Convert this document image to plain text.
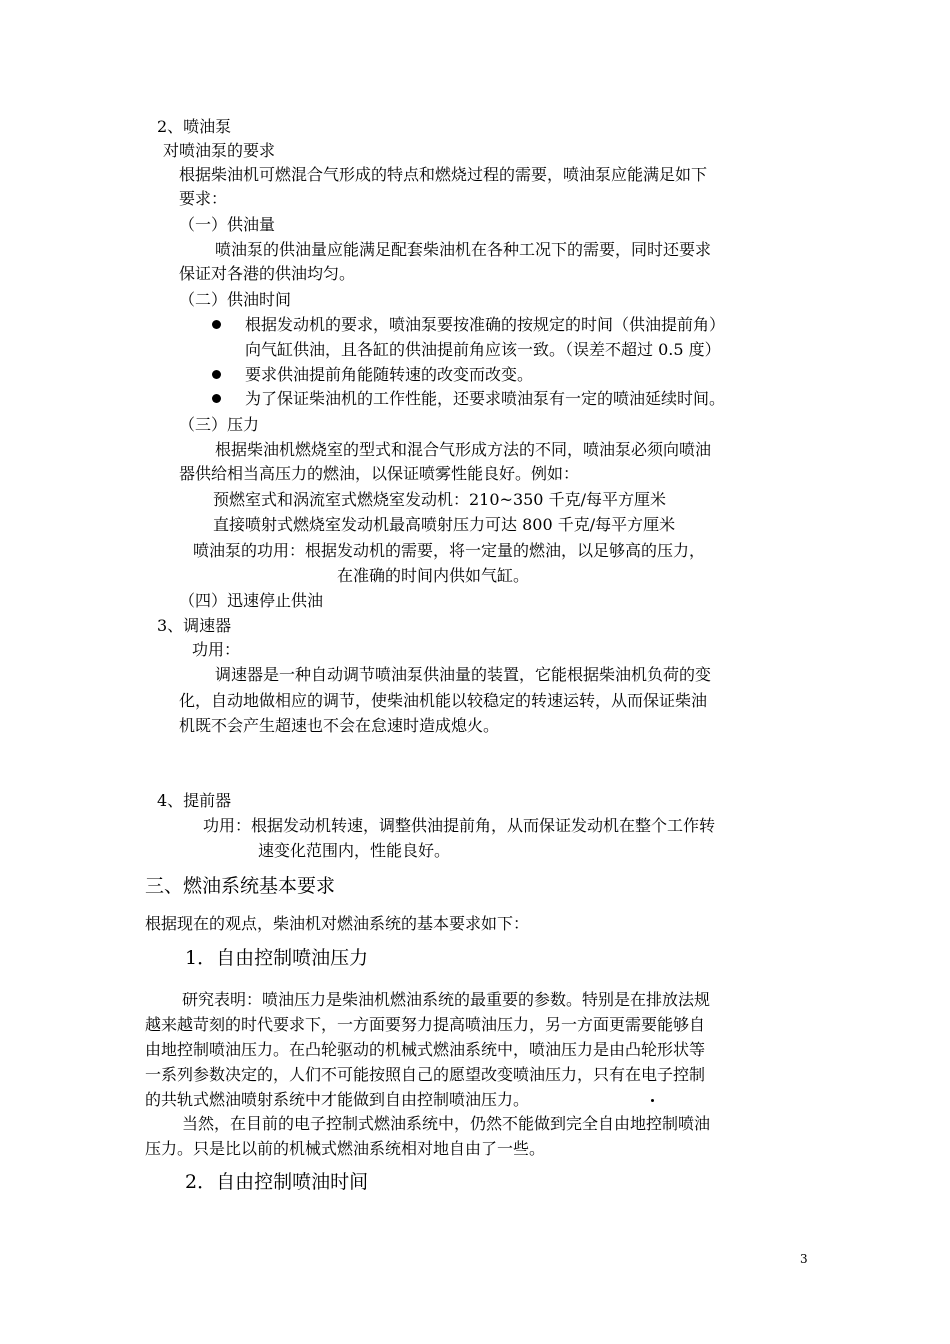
2、喷油泵
对喷油泵的要求
根据柴油机可燃混合气形成的特点和燃烧过程的需要，喷油泵应能满足如下
要求：
（一）供油量
喷油泵的供油量应能满足配套柴油机在各种工况下的需要，同时还要求
保证对各港的供油均匀。
（二）供油时间
根据发动机的要求，喷油泵要按准确的按规定的时间（供油提前角）
向气缸供油，且各缸的供油提前角应该一致。（误差不超过 0.5 度）
要求供油提前角能随转速的改变而改变。
为了保证柴油机的工作性能，还要求喷油泵有一定的喷油延续时间。
（三）压力
根据柴油机燃烧室的型式和混合气形成方法的不同，喷油泵必须向喷油
器供给相当高压力的燃油，以保证喷雾性能良好。例如：
预燃室式和涡流室式燃烧室发动机：210~350 千克/每平方厘米
直接喷射式燃烧室发动机最高喷射压力可达 800 千克/每平方厘米
喷油泵的功用：根据发动机的需要，将一定量的燃油，以足够高的压力，
在准确的时间内供如气缸。
（四）迅速停止供油
3、调速器
功用：
调速器是一种自动调节喷油泵供油量的装置，它能根据柴油机负荷的变
化，自动地做相应的调节，使柴油机能以较稳定的转速运转，从而保证柴油
机既不会产生超速也不会在怠速时造成熄火。
4、提前器
功用：根据发动机转速，调整供油提前角，从而保证发动机在整个工作转
速变化范围内，性能良好。
三、燃油系统基本要求
根据现在的观点，柴油机对燃油系统的基本要求如下：
1．自由控制喷油压力
研究表明：喷油压力是柴油机燃油系统的最重要的参数。特别是在排放法规
越来越苛刻的时代要求下，一方面要努力提高喷油压力，另一方面更需要能够自
由地控制喷油压力。在凸轮驱动的机械式燃油系统中，喷油压力是由凸轮形状等
一系列参数决定的，人们不可能按照自己的愿望改变喷油压力，只有在电子控制
的共轨式燃油喷射系统中才能做到自由控制喷油压力。
当然，在目前的电子控制式燃油系统中，仍然不能做到完全自由地控制喷油
压力。只是比以前的机械式燃油系统相对地自由了一些。
2．自由控制喷油时间
3
